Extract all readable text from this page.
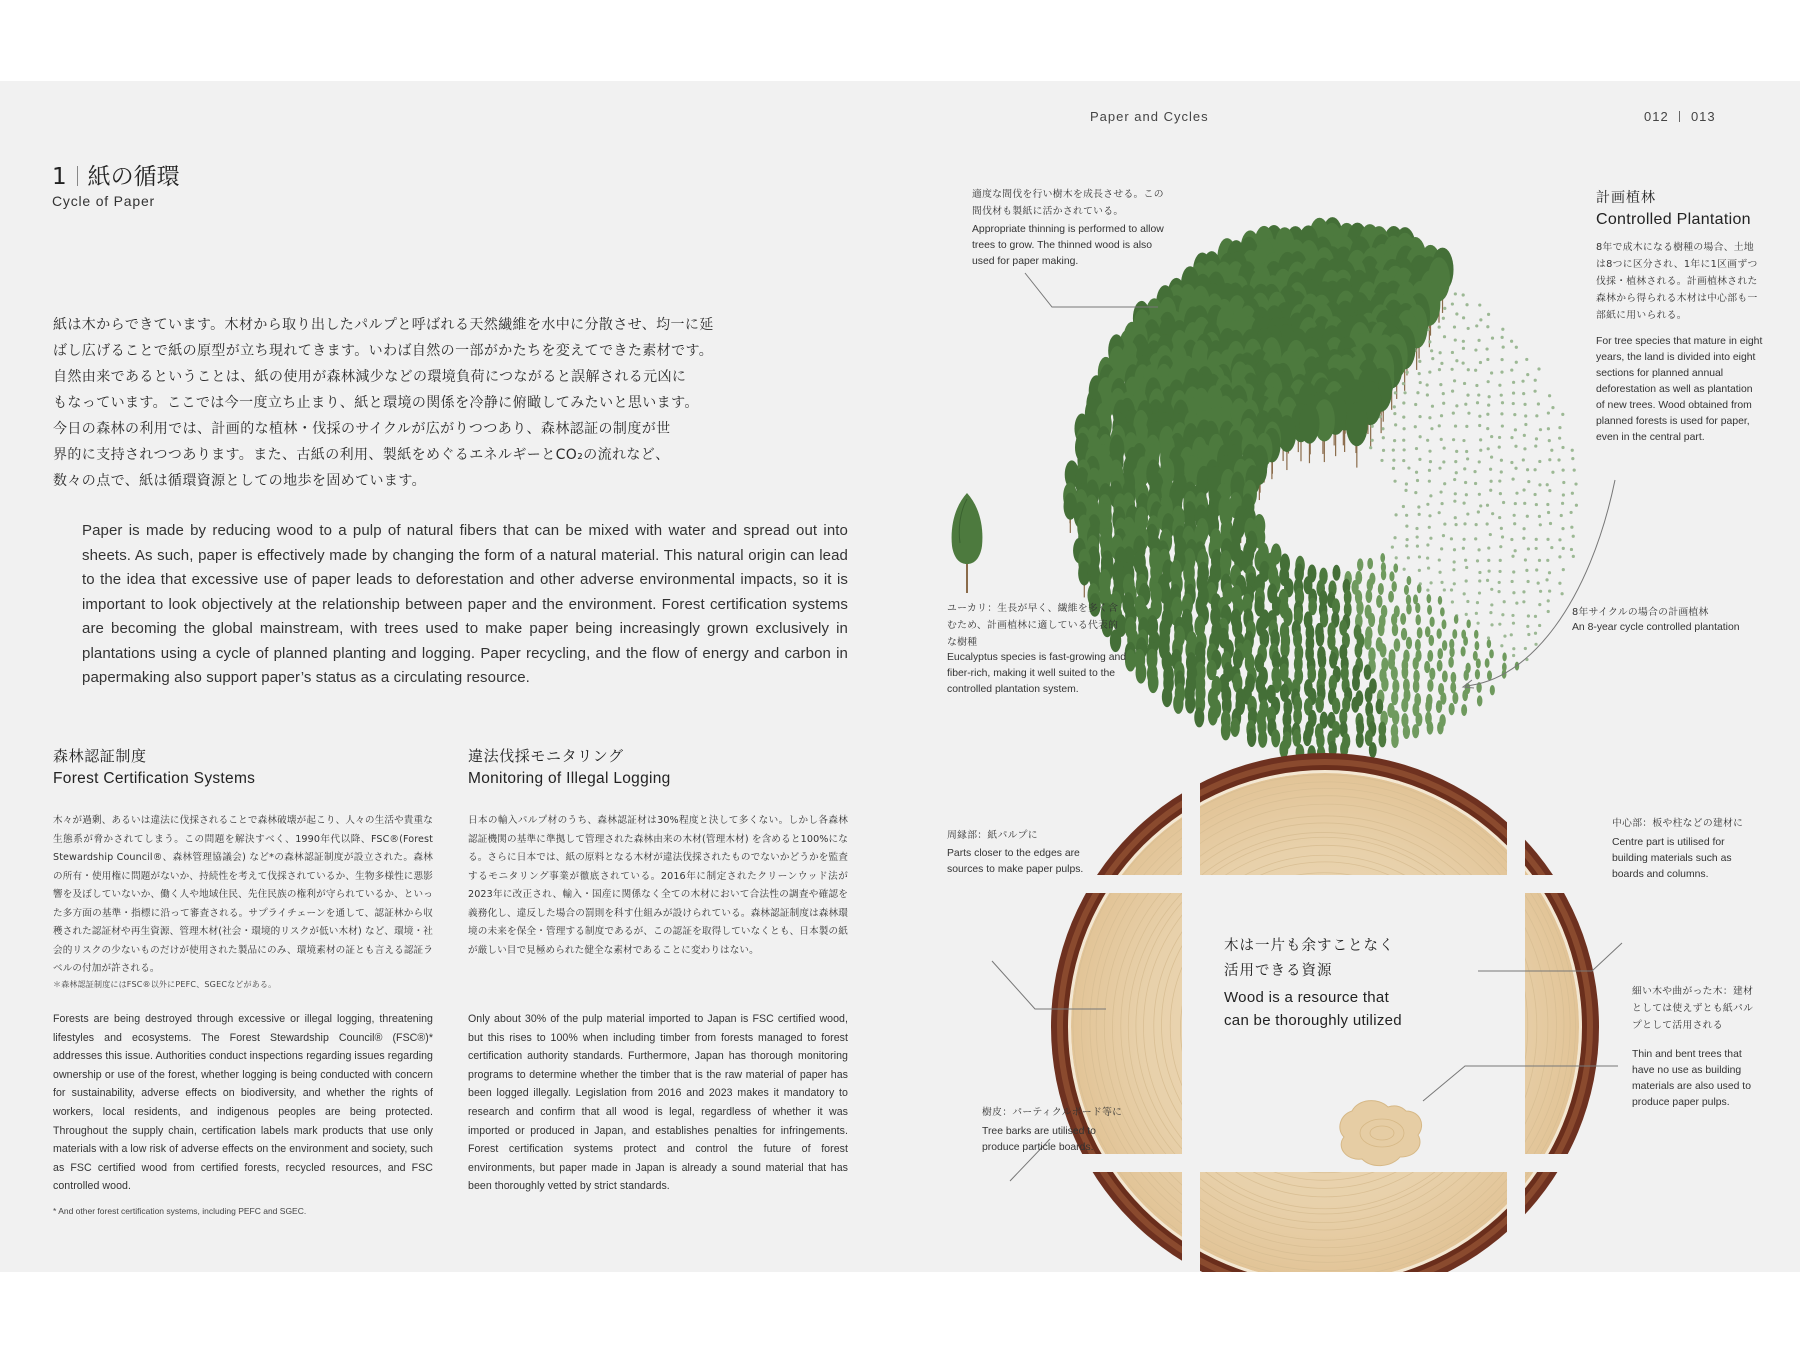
Paper and Cycles	012 013
1 紙の循環
Cycle of Paper
紙は木からできています。木材から取り出したパルプと呼ばれる天然繊維を水中に分散させ、均一に延
ばし広げることで紙の原型が立ち現れてきます。いわば自然の一部がかたちを変えてできた素材です。
自然由来であるということは、紙の使用が森林減少などの環境負荷につながると誤解される元凶に
もなっています。ここでは今一度立ち止まり、紙と環境の関係を冷静に俯瞰してみたいと思います。
今日の森林の利用では、計画的な植林・伐採のサイクルが広がりつつあり、森林認証の制度が世
界的に支持されつつあります。また、古紙の利用、製紙をめぐるエネルギーとCO₂の流れなど、
数々の点で、紙は循環資源としての地歩を固めています。
Paper is made by reducing wood to a pulp of natural fibers that can be mixed with water and spread out into sheets. As such, paper is effectively made by changing the form of a natural material. This natural origin can lead to the idea that excessive use of paper leads to deforestation and other adverse environmental impacts, so it is important to look objectively at the relationship between paper and the environment. Forest certification systems are becoming the global mainstream, with trees used to make paper being increasingly grown exclusively in plantations using a cycle of planned planting and logging. Paper recycling, and the flow of energy and carbon in papermaking also support paper’s status as a circulating resource.
森林認証制度
Forest Certification Systems
木々が過剰、あるいは違法に伐採されることで森林破壊が起こり、人々の生活や貴重な生態系が脅かされてしまう。この問題を解決すべく、1990年代以降、FSC®(Forest Stewardship Council®、森林管理協議会) など*の森林認証制度が設立された。森林の所有・使用権に問題がないか、持続性を考えて伐採されているか、生物多様性に悪影響を及ぼしていないか、働く人や地域住民、先住民族の権利が守られているか、といった多方面の基準・指標に沿って審査される。サプライチェーンを通して、認証林から収穫された認証材や再生資源、管理木材(社会・環境的リスクが低い木材) など、環境・社会的リスクの少ないものだけが使用された製品にのみ、環境素材の証とも言える認証ラベルの付加が許される。
＊森林認証制度にはFSC®以外にPEFC、SGECなどがある。
Forests are being destroyed through excessive or illegal logging, threatening lifestyles and ecosystems. The Forest Stewardship Council® (FSC®)* addresses this issue. Authorities conduct inspections regarding issues regarding ownership or use of the forest, whether logging is being conducted with concern for sustainability, adverse effects on biodiversity, and whether the rights of workers, local residents, and indigenous peoples are being protected. Throughout the supply chain, certification labels mark products that use only materials with a low risk of adverse effects on the environment and society, such as FSC certified wood from certified forests, recycled resources, and FSC controlled wood.
* And other forest certification systems, including PEFC and SGEC.
違法伐採モニタリング
Monitoring of Illegal Logging
日本の輸入パルプ材のうち、森林認証材は30%程度と決して多くない。しかし各森林認証機関の基準に準拠して管理された森林由来の木材(管理木材) を含めると100%になる。さらに日本では、紙の原料となる木材が違法伐採されたものでないかどうかを監査するモニタリング事業が徹底されている。2016年に制定されたクリーンウッド法が2023年に改正され、輸入・国産に関係なく全ての木材において合法性の調査や確認を義務化し、違反した場合の罰則を科す仕組みが設けられている。森林認証制度は森林環境の未来を保全・管理する制度であるが、この認証を取得していなくとも、日本製の紙が厳しい目で見極められた健全な素材であることに変わりはない。
Only about 30% of the pulp material imported to Japan is FSC certified wood, but this rises to 100% when including timber from forests managed to forest certification authority standards. Furthermore, Japan has thorough monitoring programs to determine whether the timber that is the raw material of paper has been logged illegally. Legislation from 2016 and 2023 makes it mandatory to research and confirm that all wood is legal, regardless of whether it was imported or produced in Japan, and establishes penalties for infringements. Forest certification systems protect and control the future of forest environments, but paper made in Japan is already a sound material that has been thoroughly vetted by strict standards.
適度な間伐を行い樹木を成長させる。この間伐材も製紙に活かされている。
Appropriate thinning is performed to allow trees to grow. The thinned wood is also used for paper making.
計画植林
Controlled Plantation
8年で成木になる樹種の場合、土地は8つに区分され、1年に1区画ずつ伐採・植林される。計画植林された森林から得られる木材は中心部も一部紙に用いられる。
For tree species that mature in eight years, the land is divided into eight sections for planned annual deforestation as well as plantation of new trees. Wood obtained from planned forests is used for paper, even in the central part.
ユーカリ：生長が早く、繊維を多く含むため、計画植林に適している代表的な樹種
Eucalyptus species is fast-growing and fiber-rich, making it well suited to the controlled plantation system.
8年サイクルの場合の計画植林
An 8-year cycle controlled plantation
木は一片も余すことなく
活用できる資源
Wood is a resource that
can be thoroughly utilized
周縁部：紙パルプに
Parts closer to the edges are sources to make paper pulps.
中心部：板や柱などの建材に
Centre part is utilised for building materials such as boards and columns.
細い木や曲がった木：建材としては使えずとも紙パルプとして活用される
Thin and bent trees that have no use as building materials are also used to produce paper pulps.
樹皮：パーティクルボード等に
Tree barks are utilised to produce particle boards.
